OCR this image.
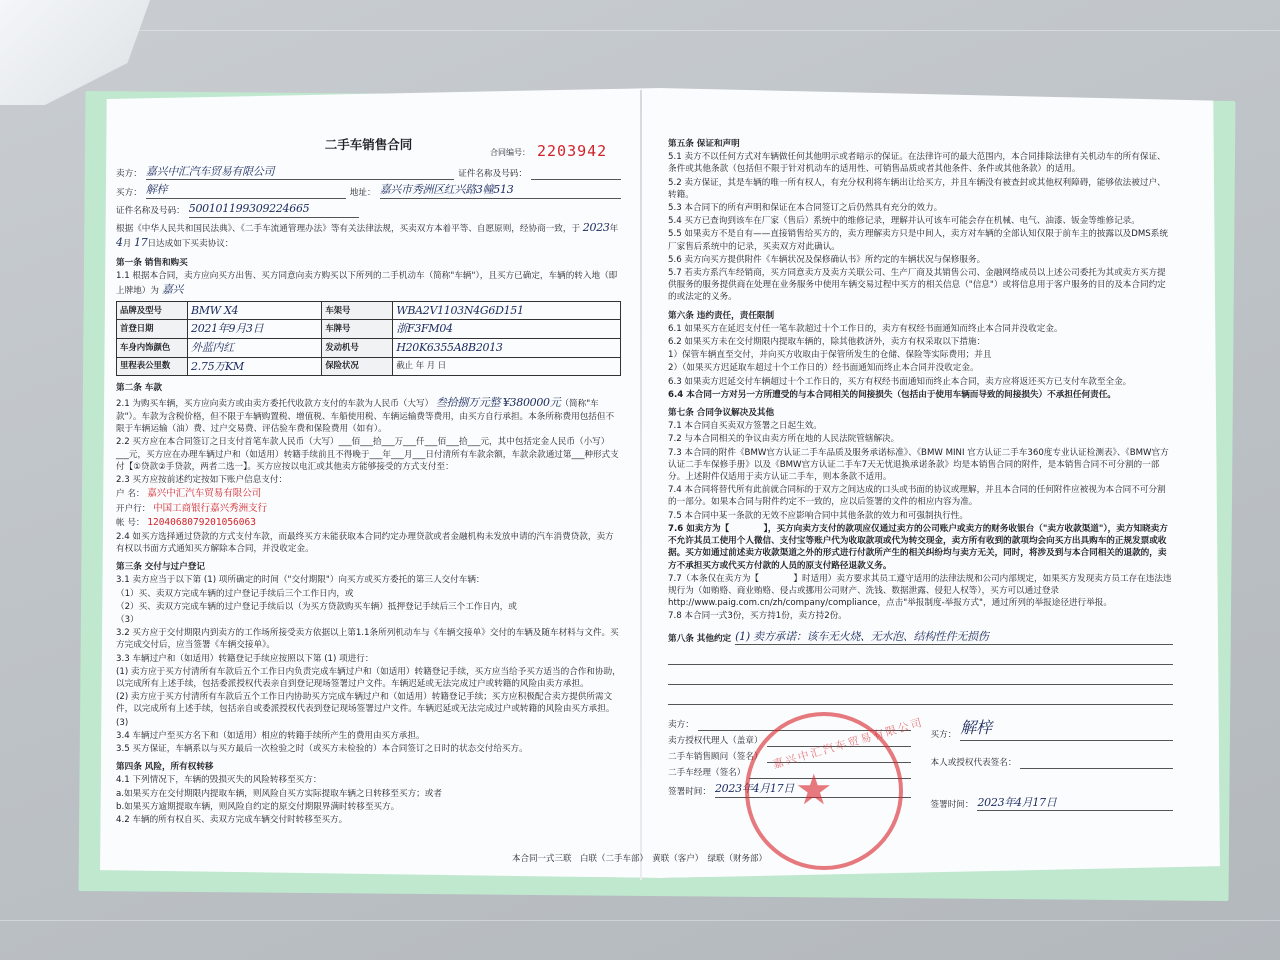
合同编号： 2203942
二手车销售合同
卖方： 嘉兴中汇汽车贸易有限公司	证件名称及号码：
买方： 解梓	地址： 嘉兴市秀洲区红兴路3幢513
证件名称及号码： 500101199309224665

根据《中华人民共和国民法典》、《二手车流通管理办法》等有关法律法规，买卖双方本着平等、自愿原则，经协商一致，于 2023年 4月 17日达成如下买卖协议：

第一条 销售和购买

1.1 根据本合同，卖方应向买方出售、买方同意向卖方购买以下所列的二手机动车（简称"车辆"），且买方已确定，车辆的转入地（即上牌地）为 嘉兴

品牌及型号	BMW X4	车架号	WBA2V1103N4G6D151
首登日期	2021年9月3日	车牌号	浙F3FM04
车身内饰颜色	外蓝内红	发动机号	H20K6355A8B2013
里程表公里数	2.75万KM	保险状况	截止 年 月 日
第二条 车款

2.1 为购买车辆，买方应向卖方或由卖方委托代收款方支付的车款为人民币（大写） 叁拾捌万元整 ¥380000元（简称"车款"）。车款为含税价格，但不限于车辆购置税、增值税、车船使用税、车辆运输费等费用，由买方自行承担。本条所称费用包括但不限于车辆运输（油）费、过户交易费、评估验车费和保险费用（如有）。

2.2 买方应在本合同签订之日支付首笔车款人民币（大写）___佰___拾___万___仟___佰___拾___元，其中包括定金人民币（小写）___元，买方应在办理车辆过户和（如适用）转籍手续前且不得晚于___年___月___日付清所有车款余额，车款余款通过第___种形式支付【①贷款②手贷款，两者二选一】。买方应按以电汇或其他卖方能够接受的方式支付至：

2.3 买方应按前述约定按如下账户信息支付：

户 名： 嘉兴中汇汽车贸易有限公司

开户行： 中国工商银行嘉兴秀洲支行

帐 号： 1204068079201056063

2.4 如买方选择通过贷款的方式支付车款，而最终买方未能获取本合同约定办理贷款或者金融机构未发放申请的汽车消费贷款，卖方有权以书面方式通知买方解除本合同，并没收定金。

第三条 交付与过户登记

3.1 卖方应当于以下第 (1) 项所确定的时间（"交付期限"）向买方或买方委托的第三人交付车辆：

（1）买、卖双方完成车辆的过户登记手续后三个工作日内，或

（2）买、卖双方完成车辆的过户登记手续后以（为买方贷款购买车辆）抵押登记手续后三个工作日内，或

（3）

3.2 买方应于交付期限内到卖方的工作场所接受卖方依据以上第1.1条所列机动车与《车辆交接单》交付的车辆及随车材料与文件。买方完成交付后，应当签署《车辆交接单》。

3.3 车辆过户和（如适用）转籍登记手续应按照以下第 (1) 项进行：

(1) 卖方应于买方付清所有车款后五个工作日内负责完成车辆过户和（如适用）转籍登记手续，买方应当给予买方适当的合作和协助，以完成所有上述手续，包括委派授权代表亲自到登记现场签署过户文件。车辆迟延或无法完成过户或转籍的风险由卖方承担。

(2) 卖方应于买方付清所有车款后五个工作日内协助买方完成车辆过户和（如适用）转籍登记手续；买方应积极配合卖方提供所需文件，以完成所有上述手续，包括亲自或委派授权代表到登记现场签署过户文件。车辆迟延或无法完成过户或转籍的风险由买方承担。

(3)

3.4 车辆过户至买方名下和（如适用）相应的转籍手续所产生的费用由买方承担。

3.5 买方保证，车辆系以与买方最后一次检验之时（或买方未检验的）本合同签订之日时的状态交付给买方。

第四条 风险，所有权转移

4.1 下列情况下，车辆的毁损灭失的风险转移至买方：

a.如果买方在交付期限内提取车辆，则风险自买方实际提取车辆之日转移至买方；或者

b.如果买方逾期提取车辆，则风险自约定的原交付期限界满时转移至买方。

4.2 车辆的所有权自买、卖双方完成车辆交付时转移至买方。

第五条 保证和声明

5.1 卖方不以任何方式对车辆做任何其他明示或者暗示的保证。在法律许可的最大范围内，本合同排除法律有关机动车的所有保证、条件或其他条款（包括但不限于针对机动车的适用性、可销售品质或者其他条件、条件或其他条款）的适用。

5.2 卖方保证，其是车辆的唯一所有权人，有充分权利将车辆出让给买方，并且车辆没有被查封或其他权利障碍，能够依法被过户、转籍。

5.3 本合同下的所有声明和保证在本合同签订之后仍然具有充分的效力。

5.4 买方已查询到该车在厂家（售后）系统中的维修记录，理解并认可该车可能会存在机械、电气、油漆、钣金等维修记录。

5.5 如果卖方不是自有——直接销售给买方的，卖方理解卖方只是中间人，卖方对车辆的全部认知仅限于前车主的披露以及DMS系统厂家售后系统中的记录，买卖双方对此确认。

5.6 卖方向买方提供附件《车辆状况及保修确认书》所约定的车辆状况与保修服务。

5.7 若卖方系汽车经销商，买方同意卖方及卖方关联公司、生产厂商及其销售公司、金融网络成员以上述公司委托为其或卖方买方提供服务的服务提供商在处理在业务服务中使用车辆交易过程中买方的相关信息（"信息"）或将信息用于客户服务的目的及本合同约定的或法定的义务。

第六条 违约责任，责任限制

6.1 如果买方在延迟支付任一笔车款超过十个工作日的，卖方有权经书面通知而终止本合同并没收定金。

6.2 如果买方未在交付期限内提取车辆的，除其他救济外，卖方有权采取以下措施：

1）保管车辆直至交付，并向买方收取由于保管所发生的仓储、保险等实际费用；并且

2）（如果买方迟延取车超过十个工作日的）经书面通知而终止本合同并没收定金。

6.3 如果卖方迟延交付车辆超过十个工作日的，买方有权经书面通知而终止本合同，卖方应将返还买方已支付车款至全金。

6.4 本合同一方对另一方所遭受的与本合同相关的间接损失（包括由于使用车辆而导致的间接损失）不承担任何责任。

第七条 合同争议解决及其他

7.1 本合同自买卖双方签署之日起生效。

7.2 与本合同相关的争议由卖方所在地的人民法院管辖解决。

7.3 本合同的附件《BMW官方认证二手车品质及服务承诺标准》、《BMW MINI 官方认证二手车360度专业认证检测表》、《BMW官方认证二手车保修手册》以及《BMW官方认证二手车7天无忧退换承诺条款》均是本销售合同的附件，是本销售合同不可分割的一部分。上述附件仅适用于卖方认证二手车，则本条款不适用。

7.4 本合同将替代所有此前就合同标的于双方之间达成的口头或书面的协议或理解，并且本合同的任何附件应被视为本合同不可分割的一部分。如果本合同与附件约定不一致的，应以后签署的文件的相应内容为准。

7.5 本合同中某一条款的无效不应影响合同中其他条款的效力和可强制执行性。

7.6 如卖方为【　　　　】，买方向卖方支付的款项应仅通过卖方的公司账户或卖方的财务收银台（"卖方收款渠道"），卖方知晓卖方不允许其员工使用个人微信、支付宝等账户代为收取款项或代为转交现金，卖方所有收到的款项均会向买方出具购车的正规发票或收据。买方如通过前述卖方收款渠道之外的形式进行付款所产生的相关纠纷均与卖方无关，同时，将涉及到与本合同相关的退款的，卖方不承担买方或代买方付款的人员的原支付路径退款义务。

7.7（本条仅在卖方为【　　　　】时适用）卖方要求其员工遵守适用的法律法规和公司内部规定，如果买方发现卖方员工存在违法违规行为（如贿赂、商业贿赂、侵占或挪用公司财产、洗钱、数据泄露、侵犯人权等），买方可以通过登录http://www.paig.com.cn/zh/company/compliance，点击"举报制度-举报方式"，通过所列的举报途径进行举报。

7.8 本合同一式3份，买方持1份，卖方持2份。

第八条 其他约定 (1) 卖方承诺：该车无火烧、无水泡、结构性件无损伤
卖方：
卖方授权代理人（盖章）
二手车销售顾问（签名）
二手车经理（签名）
签署时间： 2023年4月17日
买方： 解梓
本人或授权代表签名：
签署时间： 2023年4月17日
★
嘉兴中汇汽车贸易有限公司
本合同一式三联　白联（二手车部）　黄联（客户）　绿联（财务部）
